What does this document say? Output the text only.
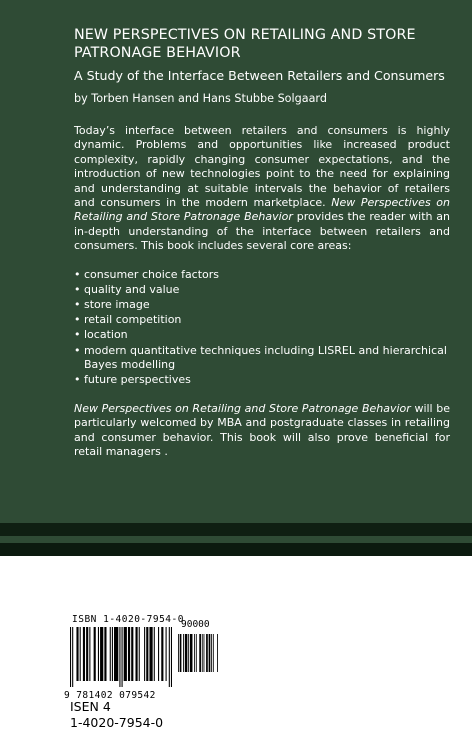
NEW PERSPECTIVES ON RETAILING AND STORE
PATRONAGE BEHAVIOR
A Study of the Interface Between Retailers and Consumers
by Torben Hansen and Hans Stubbe Solgaard

Today’s interface between retailers and consumers is highly dynamic. Problems and opportunities like increased product complexity, rapidly changing consumer expectations, and the introduction of new technologies point to the need for explaining and understanding at suitable intervals the behavior of retailers and consumers in the modern marketplace. New Perspectives on Retailing and Store Patronage Behavior provides the reader with an in-depth understanding of the interface between retailers and consumers. This book includes several core areas:

• consumer choice factors
• quality and value
• store image
• retail competition
• location
• modern quantitative techniques including LISREL and hierarchical Bayes modelling
• future perspectives

New Perspectives on Retailing and Store Patronage Behavior will be particularly welcomed by MBA and postgraduate classes in retailing and consumer behavior. This book will also prove beneficial for retail managers .

ISBN 1-4020-7954-0
90000
9 781402 079542
ISEN 4
1-4020-7954-0
